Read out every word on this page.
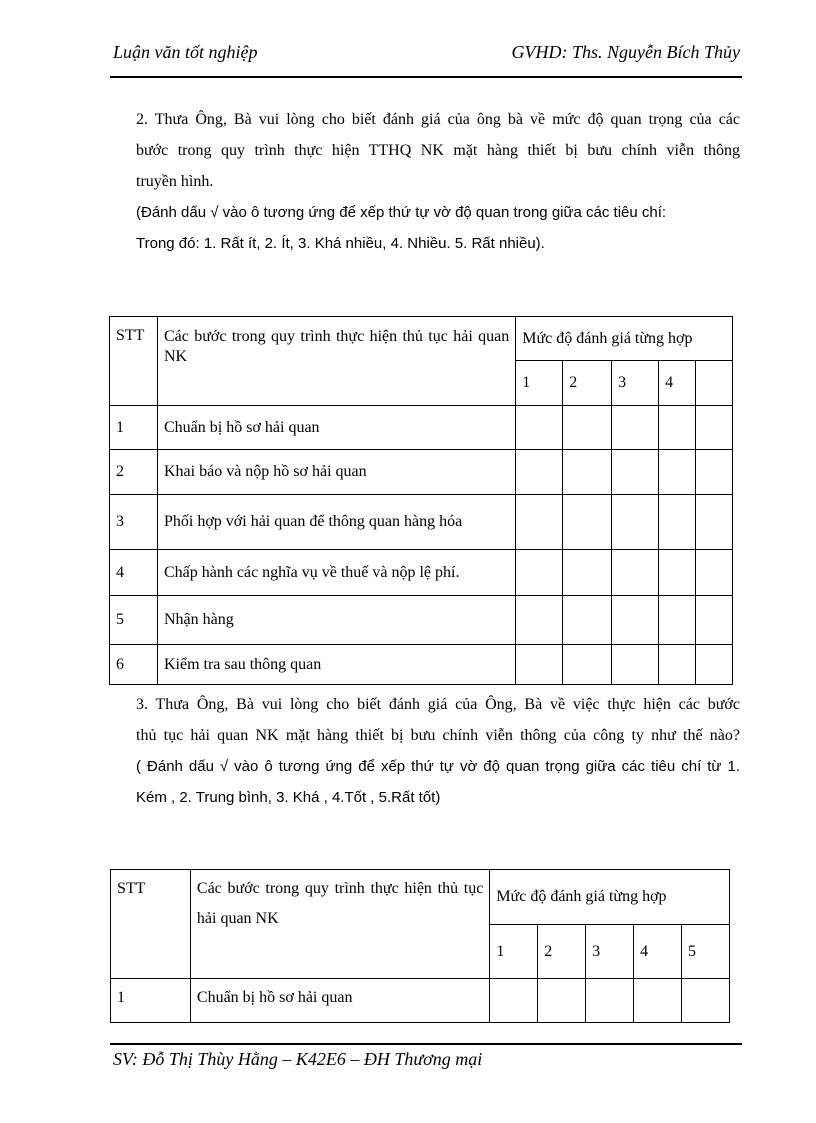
Luận văn tốt nghiệp	GVHD: Ths. Nguyễn Bích Thủy
2. Thưa Ông, Bà vui lòng cho biết đánh giá của ông bà về mức độ quan trọng của các
bước trong quy trình thực hiện TTHQ NK mặt hàng thiết bị bưu chính viễn thông
truyền hình.
(Đánh dấu √ vào ô tương ứng để xếp thứ tự vờ độ quan trong giữa các tiêu chí:
Trong đó: 1. Rất ít, 2. Ít, 3. Khá nhiều, 4. Nhiều. 5. Rất nhiều).
STT	Các bước trong quy trình thực hiện thủ tục hải quan NK	Mức độ đánh giá từng hợp				
		1	2	3	4	
1	Chuẩn bị hồ sơ hải quan					
2	Khai báo và nộp hồ sơ hải quan					
3	Phối hợp với hải quan để thông quan hàng hóa					
4	Chấp hành các nghĩa vụ về thuế và nộp lệ phí.					
5	Nhận hàng					
6	Kiểm tra sau thông quan					
3. Thưa Ông, Bà vui lòng cho biết đánh giá của Ông, Bà về việc thực hiện các bước
thủ tục hải quan NK mặt hàng thiết bị bưu chính viễn thông của công ty như thế nào?
( Đánh dấu √ vào ô tương ứng để xếp thứ tự vờ độ quan trọng giữa các tiêu chí từ 1.
Kém , 2. Trung bình, 3. Khá , 4.Tốt , 5.Rất tốt)
STT	Các bước trong quy trình thực hiện thủ tục hải quan NK	Mức độ đánh giá từng hợp				
		1	2	3	4	5
1	Chuẩn bị hồ sơ hải quan					
SV: Đỗ Thị Thùy Hằng – K42E6 – ĐH Thương mại
